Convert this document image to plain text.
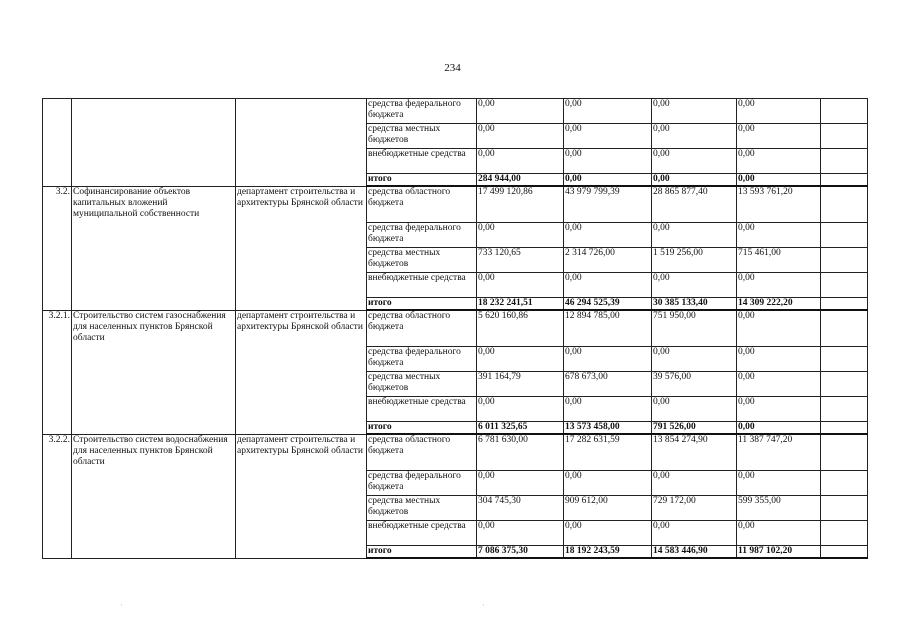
234
			средства федерального бюджета	0,00	0,00	0,00	0,00	
			средства местных бюджетов	0,00	0,00	0,00	0,00	
			внебюджетные средства	0,00	0,00	0,00	0,00	
			итого	284 944,00	0,00	0,00	0,00	
3.2.	Софинансирование объектов капитальных вложений муниципальной собственности	департамент строительства и архитектуры Брянской области	средства областного бюджета	17 499 120,86	43 979 799,39	28 865 877,40	13 593 761,20	
			средства федерального бюджета	0,00	0,00	0,00	0,00	
			средства местных бюджетов	733 120,65	2 314 726,00	1 519 256,00	715 461,00	
			внебюджетные средства	0,00	0,00	0,00	0,00	
			итого	18 232 241,51	46 294 525,39	30 385 133,40	14 309 222,20	
3.2.1.	Строительство систем газоснабжения для населенных пунктов Брянской области	департамент строительства и архитектуры Брянской области	средства областного бюджета	5 620 160,86	12 894 785,00	751 950,00	0,00	
			средства федерального бюджета	0,00	0,00	0,00	0,00	
			средства местных бюджетов	391 164,79	678 673,00	39 576,00	0,00	
			внебюджетные средства	0,00	0,00	0,00	0,00	
			итого	6 011 325,65	13 573 458,00	791 526,00	0,00	
3.2.2.	Строительство систем водоснабжения для населенных пунктов Брянской области	департамент строительства и архитектуры Брянской области	средства областного бюджета	6 781 630,00	17 282 631,59	13 854 274,90	11 387 747,20	
			средства федерального бюджета	0,00	0,00	0,00	0,00	
			средства местных бюджетов	304 745,30	909 612,00	729 172,00	599 355,00	
			внебюджетные средства	0,00	0,00	0,00	0,00	
			итого	7 086 375,30	18 192 243,59	14 583 446,90	11 987 102,20	
·	·
